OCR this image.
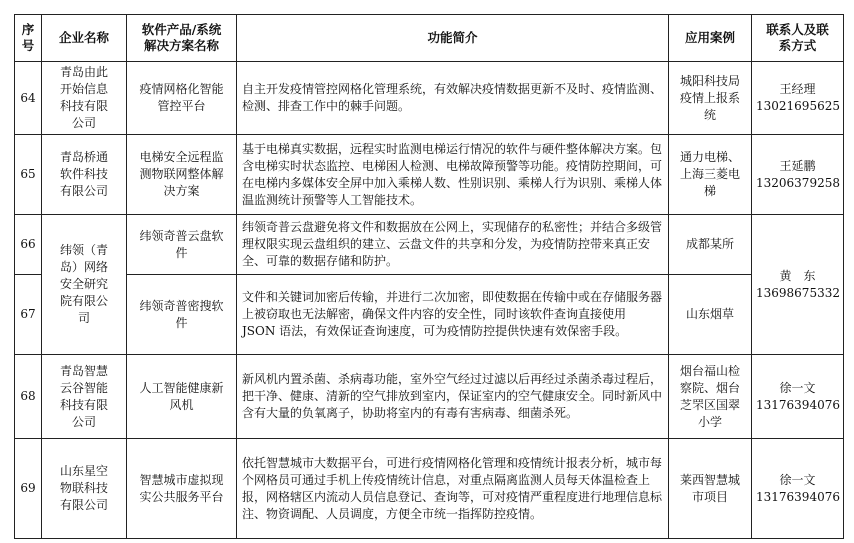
序
号	企业名称	软件产品/系统
解决方案名称	功能简介	应用案例	联系人及联
系方式
64	青岛由此
开始信息
科技有限
公司	疫情网格化智能
管控平台	自主开发疫情管控网格化管理系统，有效解决疫情数据更新不及时、疫情监测、检测、排查工作中的棘手问题。	城阳科技局
疫情上报系
统	王经理
13021695625
65	青岛桥通
软件科技
有限公司	电梯安全远程监
测物联网整体解
决方案	基于电梯真实数据，远程实时监测电梯运行情况的软件与硬件整体解决方案。包含电梯实时状态监控、电梯困人检测、电梯故障预警等功能。疫情防控期间，可在电梯内多媒体安全屏中加入乘梯人数、性别识别、乘梯人行为识别、乘梯人体温监测统计预警等人工智能技术。	通力电梯、
上海三菱电
梯	王延鹏
13206379258
66	纬领（青
岛）网络
安全研究
院有限公
司	纬领奇普云盘软
件	纬领奇普云盘避免将文件和数据放在公网上，实现储存的私密性；并结合多级管理权限实现云盘组织的建立、云盘文件的共享和分发，为疫情防控带来真正安全、可靠的数据存储和防护。	成都某所	黄　东
13698675332
67		纬领奇普密搜软
件	文件和关键词加密后传输，并进行二次加密，即使数据在传输中或在存储服务器上被窃取也无法解密，确保文件内容的安全性，同时该软件查询直接使用 JSON 语法，有效保证查询速度，可为疫情防控提供快速有效保密手段。	山东烟草	
68	青岛智慧
云谷智能
科技有限
公司	人工智能健康新
风机	新风机内置杀菌、杀病毒功能，室外空气经过过滤以后再经过杀菌杀毒过程后，把干净、健康、清新的空气排放到室内，保证室内的空气健康安全。同时新风中含有大量的负氧离子，协助将室内的有毒有害病毒、细菌杀死。	烟台福山检
察院、烟台
芝罘区国翠
小学	徐一文
13176394076
69	山东星空
物联科技
有限公司	智慧城市虚拟现
实公共服务平台	依托智慧城市大数据平台，可进行疫情网格化管理和疫情统计报表分析，城市每个网格员可通过手机上传疫情统计信息，对重点隔离监测人员每天体温检查上报，网格辖区内流动人员信息登记、查询等，可对疫情严重程度进行地理信息标注、物资调配、人员调度，方便全市统一指挥防控疫情。	莱西智慧城
市项目	徐一文
13176394076
